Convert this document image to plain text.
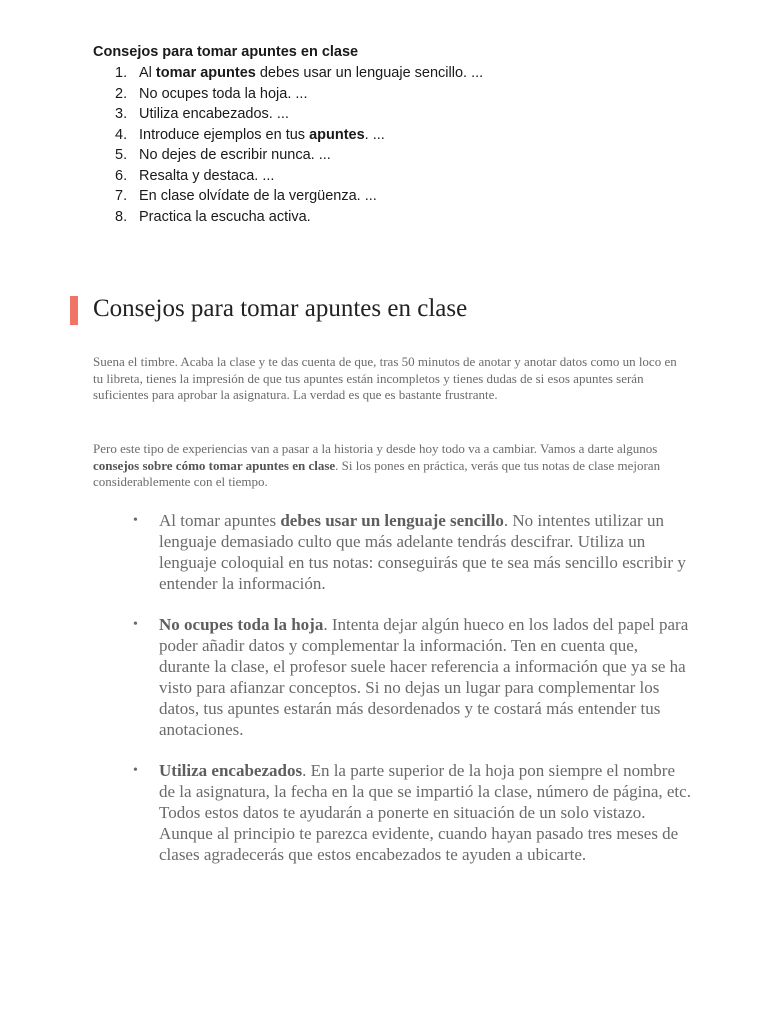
Consejos para tomar apuntes en clase
1. Al tomar apuntes debes usar un lenguaje sencillo. ...
2. No ocupes toda la hoja. ...
3. Utiliza encabezados. ...
4. Introduce ejemplos en tus apuntes. ...
5. No dejes de escribir nunca. ...
6. Resalta y destaca. ...
7. En clase olvídate de la vergüenza. ...
8. Practica la escucha activa.
Consejos para tomar apuntes en clase

Suena el timbre. Acaba la clase y te das cuenta de que, tras 50 minutos de anotar y anotar datos como un loco en tu libreta, tienes la impresión de que tus apuntes están incompletos y tienes dudas de si esos apuntes serán suficientes para aprobar la asignatura. La verdad es que es bastante frustrante.

Pero este tipo de experiencias van a pasar a la historia y desde hoy todo va a cambiar. Vamos a darte algunos consejos sobre cómo tomar apuntes en clase. Si los pones en práctica, verás que tus notas de clase mejoran considerablemente con el tiempo.

• Al tomar apuntes debes usar un lenguaje sencillo. No intentes utilizar un lenguaje demasiado culto que más adelante tendrás descifrar. Utiliza un lenguaje coloquial en tus notas: conseguirás que te sea más sencillo escribir y entender la información.
• No ocupes toda la hoja. Intenta dejar algún hueco en los lados del papel para poder añadir datos y complementar la información. Ten en cuenta que, durante la clase, el profesor suele hacer referencia a información que ya se ha visto para afianzar conceptos. Si no dejas un lugar para complementar los datos, tus apuntes estarán más desordenados y te costará más entender tus anotaciones.
• Utiliza encabezados. En la parte superior de la hoja pon siempre el nombre de la asignatura, la fecha en la que se impartió la clase, número de página, etc. Todos estos datos te ayudarán a ponerte en situación de un solo vistazo. Aunque al principio te parezca evidente, cuando hayan pasado tres meses de clases agradecerás que estos encabezados te ayuden a ubicarte.
